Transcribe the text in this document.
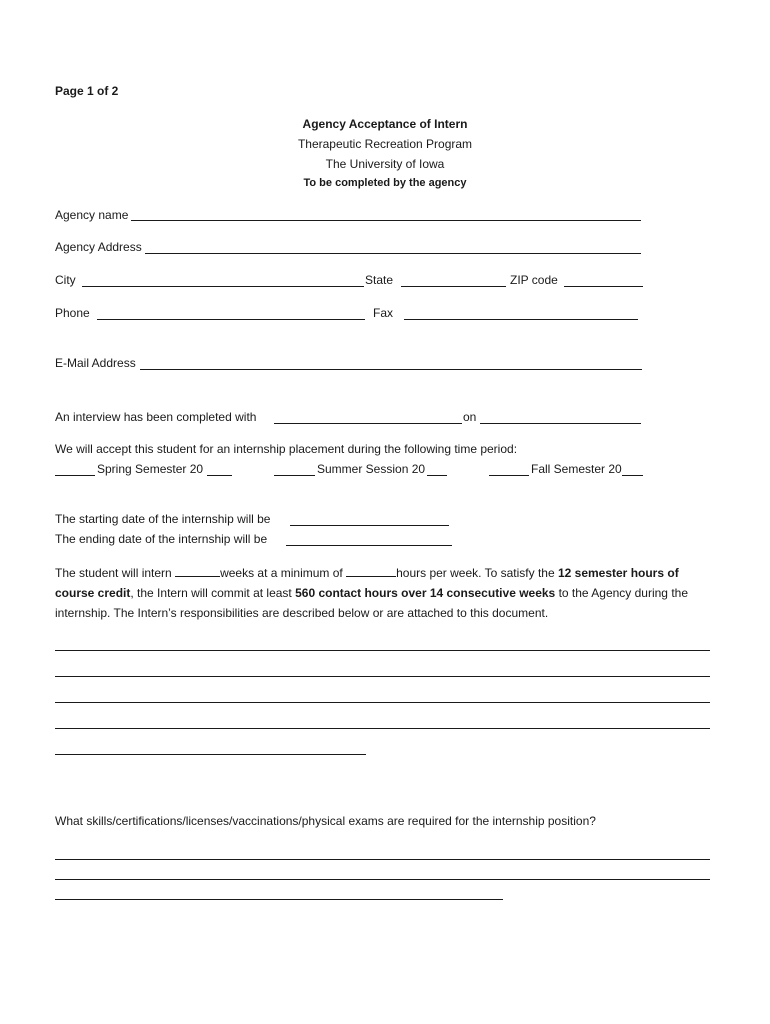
Page 1 of 2
Agency Acceptance of Intern
Therapeutic Recreation Program
The University of Iowa
To be completed by the agency
Agency name
Agency Address
City	State	ZIP code
Phone	Fax
E-Mail Address
An interview has been completed with	on
We will accept this student for an internship placement during the following time period:
Spring Semester 20	Summer Session 20	Fall Semester 20
The starting date of the internship will be
The ending date of the internship will be
The student will intern	weeks at a minimum of	hours per week. To satisfy the 12 semester hours of course credit, the Intern will commit at least 560 contact hours over 14 consecutive weeks to the Agency during the internship. The Intern’s responsibilities are described below or are attached to this document.
What skills/certifications/licenses/vaccinations/physical exams are required for the internship position?
